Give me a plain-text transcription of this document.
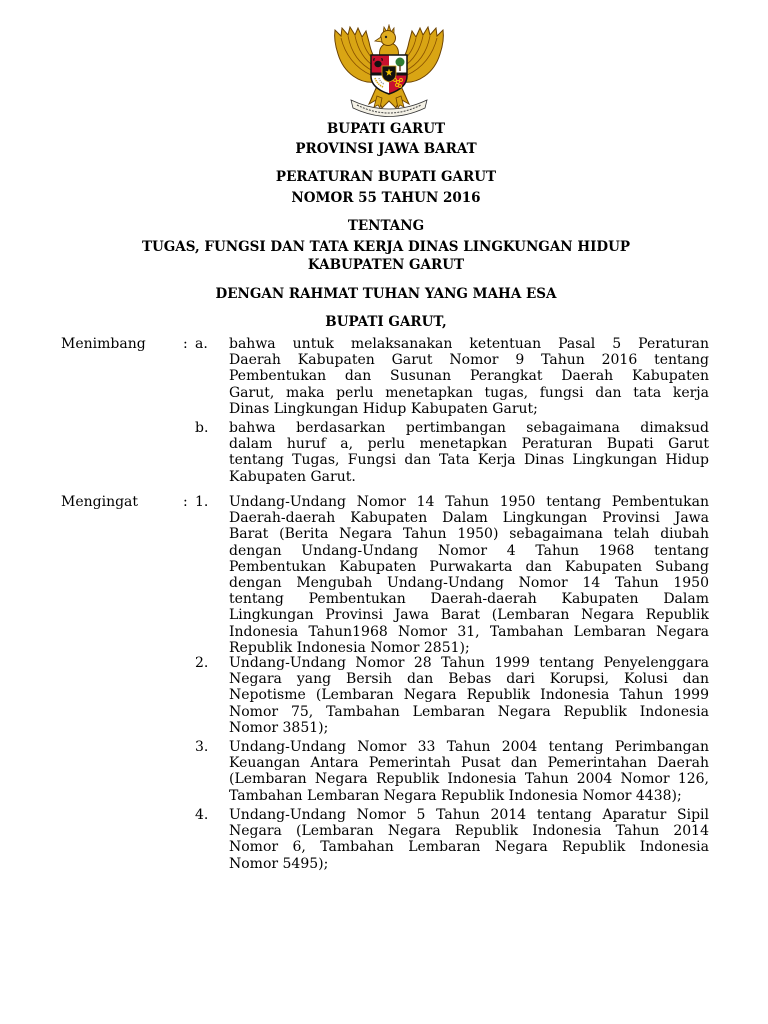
BUPATI GARUT
PROVINSI JAWA BARAT
PERATURAN BUPATI GARUT
NOMOR 55 TAHUN 2016
TENTANG
TUGAS, FUNGSI DAN TATA KERJA DINAS LINGKUNGAN HIDUP
KABUPATEN GARUT
DENGAN RAHMAT TUHAN YANG MAHA ESA
BUPATI GARUT,
Menimbang	: a. bahwa untuk melaksanakan ketentuan Pasal 5 Peraturan
Daerah Kabupaten Garut Nomor 9 Tahun 2016 tentang
Pembentukan dan Susunan Perangkat Daerah Kabupaten
Garut, maka perlu menetapkan tugas, fungsi dan tata kerja
Dinas Lingkungan Hidup Kabupaten Garut;
b. bahwa berdasarkan pertimbangan sebagaimana dimaksud
dalam huruf a, perlu menetapkan Peraturan Bupati Garut
tentang Tugas, Fungsi dan Tata Kerja Dinas Lingkungan Hidup
Kabupaten Garut.
Mengingat	: 1. Undang-Undang Nomor 14 Tahun 1950 tentang Pembentukan
Daerah-daerah Kabupaten Dalam Lingkungan Provinsi Jawa
Barat (Berita Negara Tahun 1950) sebagaimana telah diubah
dengan Undang-Undang Nomor 4 Tahun 1968 tentang
Pembentukan Kabupaten Purwakarta dan Kabupaten Subang
dengan Mengubah Undang-Undang Nomor 14 Tahun 1950
tentang Pembentukan Daerah-daerah Kabupaten Dalam
Lingkungan Provinsi Jawa Barat (Lembaran Negara Republik
Indonesia Tahun1968 Nomor 31, Tambahan Lembaran Negara
Republik Indonesia Nomor 2851);
2. Undang-Undang Nomor 28 Tahun 1999 tentang Penyelenggara
Negara yang Bersih dan Bebas dari Korupsi, Kolusi dan
Nepotisme (Lembaran Negara Republik Indonesia Tahun 1999
Nomor 75, Tambahan Lembaran Negara Republik Indonesia
Nomor 3851);
3. Undang-Undang Nomor 33 Tahun 2004 tentang Perimbangan
Keuangan Antara Pemerintah Pusat dan Pemerintahan Daerah
(Lembaran Negara Republik Indonesia Tahun 2004 Nomor 126,
Tambahan Lembaran Negara Republik Indonesia Nomor 4438);
4. Undang-Undang Nomor 5 Tahun 2014 tentang Aparatur Sipil
Negara (Lembaran Negara Republik Indonesia Tahun 2014
Nomor 6, Tambahan Lembaran Negara Republik Indonesia
Nomor 5495);
